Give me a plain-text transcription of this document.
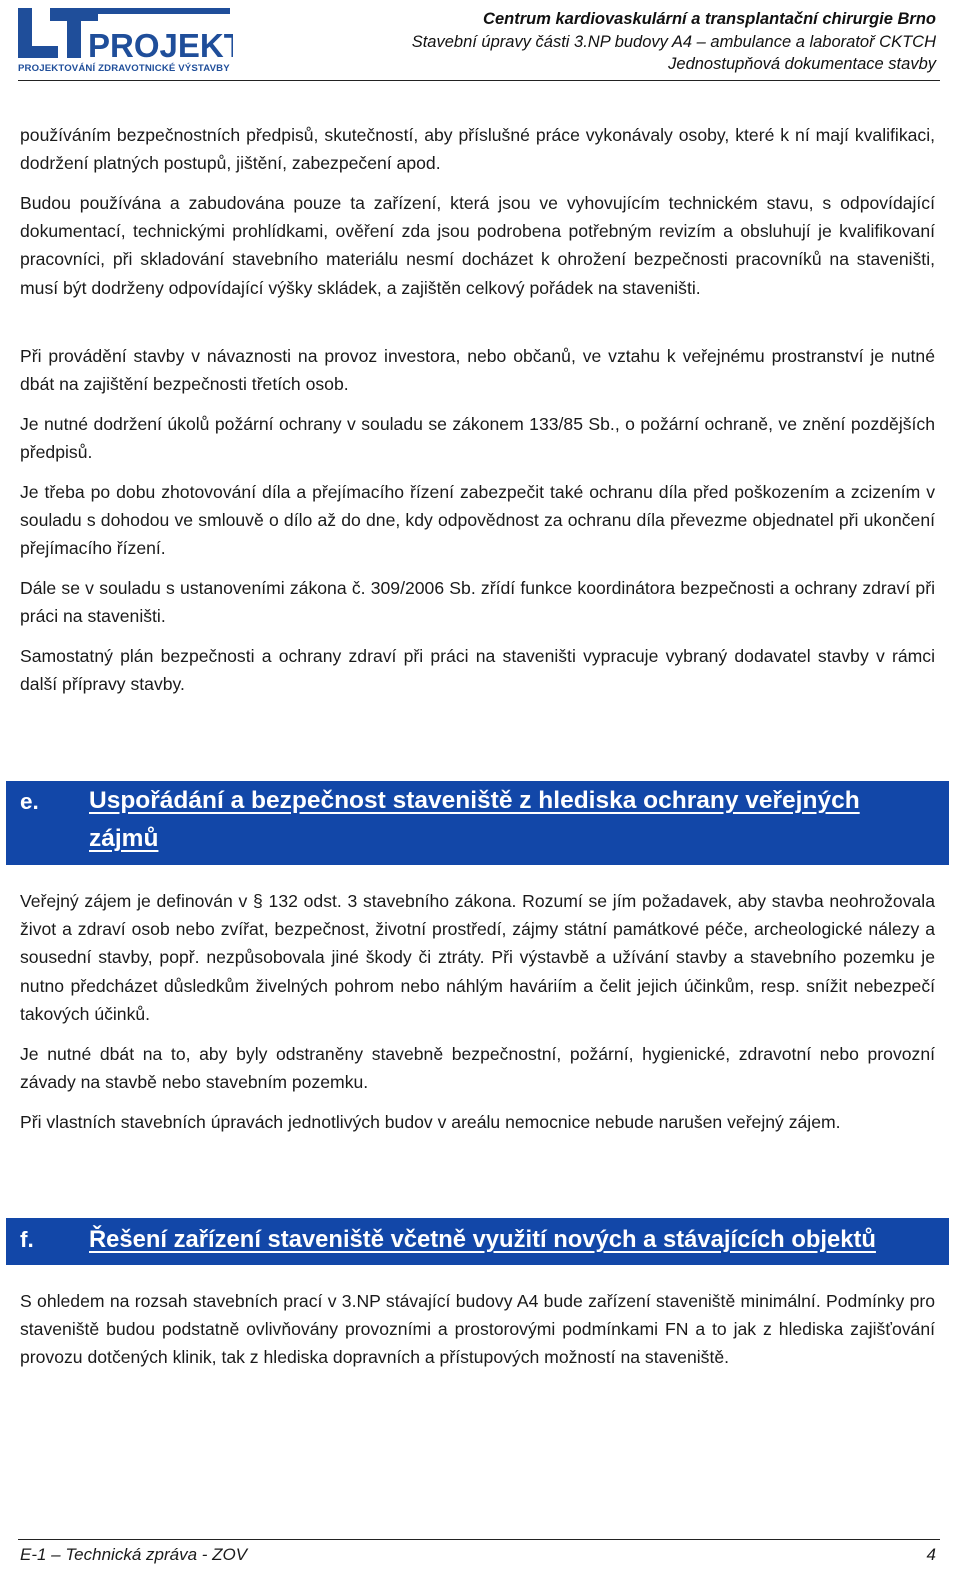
PROJEKT
PROJEKTOVÁNÍ ZDRAVOTNICKÉ VÝSTAVBY
Centrum kardiovaskulární a transplantační chirurgie Brno
Stavební úpravy části 3.NP budovy A4 – ambulance a laboratoř CKTCH
Jednostupňová dokumentace stavby

používáním bezpečnostních předpisů, skutečností, aby příslušné práce vykonávaly osoby, které k ní mají kvalifikaci, dodržení platných postupů, jištění, zabezpečení apod.

Budou používána a zabudována pouze ta zařízení, která jsou ve vyhovujícím technickém stavu, s odpovídající dokumentací, technickými prohlídkami, ověření zda jsou podrobena potřebným revizím a obsluhují je kvalifikovaní pracovníci, při skladování stavebního materiálu nesmí docházet k ohrožení bezpečnosti pracovníků na staveništi, musí být dodrženy odpovídající výšky skládek, a zajištěn celkový pořádek na staveništi.

Při provádění stavby v návaznosti na provoz investora, nebo občanů, ve vztahu k veřejnému prostranství je nutné dbát na zajištění bezpečnosti třetích osob.

Je nutné dodržení úkolů požární ochrany v souladu se zákonem 133/85 Sb., o požární ochraně, ve znění pozdějších předpisů.

Je třeba po dobu zhotovování díla a přejímacího řízení zabezpečit také ochranu díla před poškozením a zcizením v souladu s dohodou ve smlouvě o dílo až do dne, kdy odpovědnost za ochranu díla převezme objednatel při ukončení přejímacího řízení.

Dále se v souladu s ustanoveními zákona č. 309/2006 Sb. zřídí funkce koordinátora bezpečnosti a ochrany zdraví při práci na staveništi.

Samostatný plán bezpečnosti a ochrany zdraví při práci na staveništi vypracuje vybraný dodavatel stavby v rámci další přípravy stavby.

e. Uspořádání a bezpečnost staveniště z hlediska ochrany veřejných zájmů

Veřejný zájem je definován v § 132 odst. 3 stavebního zákona. Rozumí se jím požadavek, aby stavba neohrožovala život a zdraví osob nebo zvířat, bezpečnost, životní prostředí, zájmy státní památkové péče, archeologické nálezy a sousední stavby, popř. nezpůsobovala jiné škody či ztráty. Při výstavbě a užívání stavby a stavebního pozemku je nutno předcházet důsledkům živelných pohrom nebo náhlým haváriím a čelit jejich účinkům, resp. snížit nebezpečí takových účinků.

Je nutné dbát na to, aby byly odstraněny stavebně bezpečnostní, požární, hygienické, zdravotní nebo provozní závady na stavbě nebo stavebním pozemku.

Při vlastních stavebních úpravách jednotlivých budov v areálu nemocnice nebude narušen veřejný zájem.

f. Řešení zařízení staveniště včetně využití nových a stávajících objektů

S ohledem na rozsah stavebních prací v 3.NP stávající budovy A4 bude zařízení staveniště minimální. Podmínky pro staveniště budou podstatně ovlivňovány provozními a prostorovými podmínkami FN a to jak z hlediska zajišťování provozu dotčených klinik, tak z hlediska dopravních a přístupových možností na staveniště.

E-1 – Technická zpráva - ZOV	4
